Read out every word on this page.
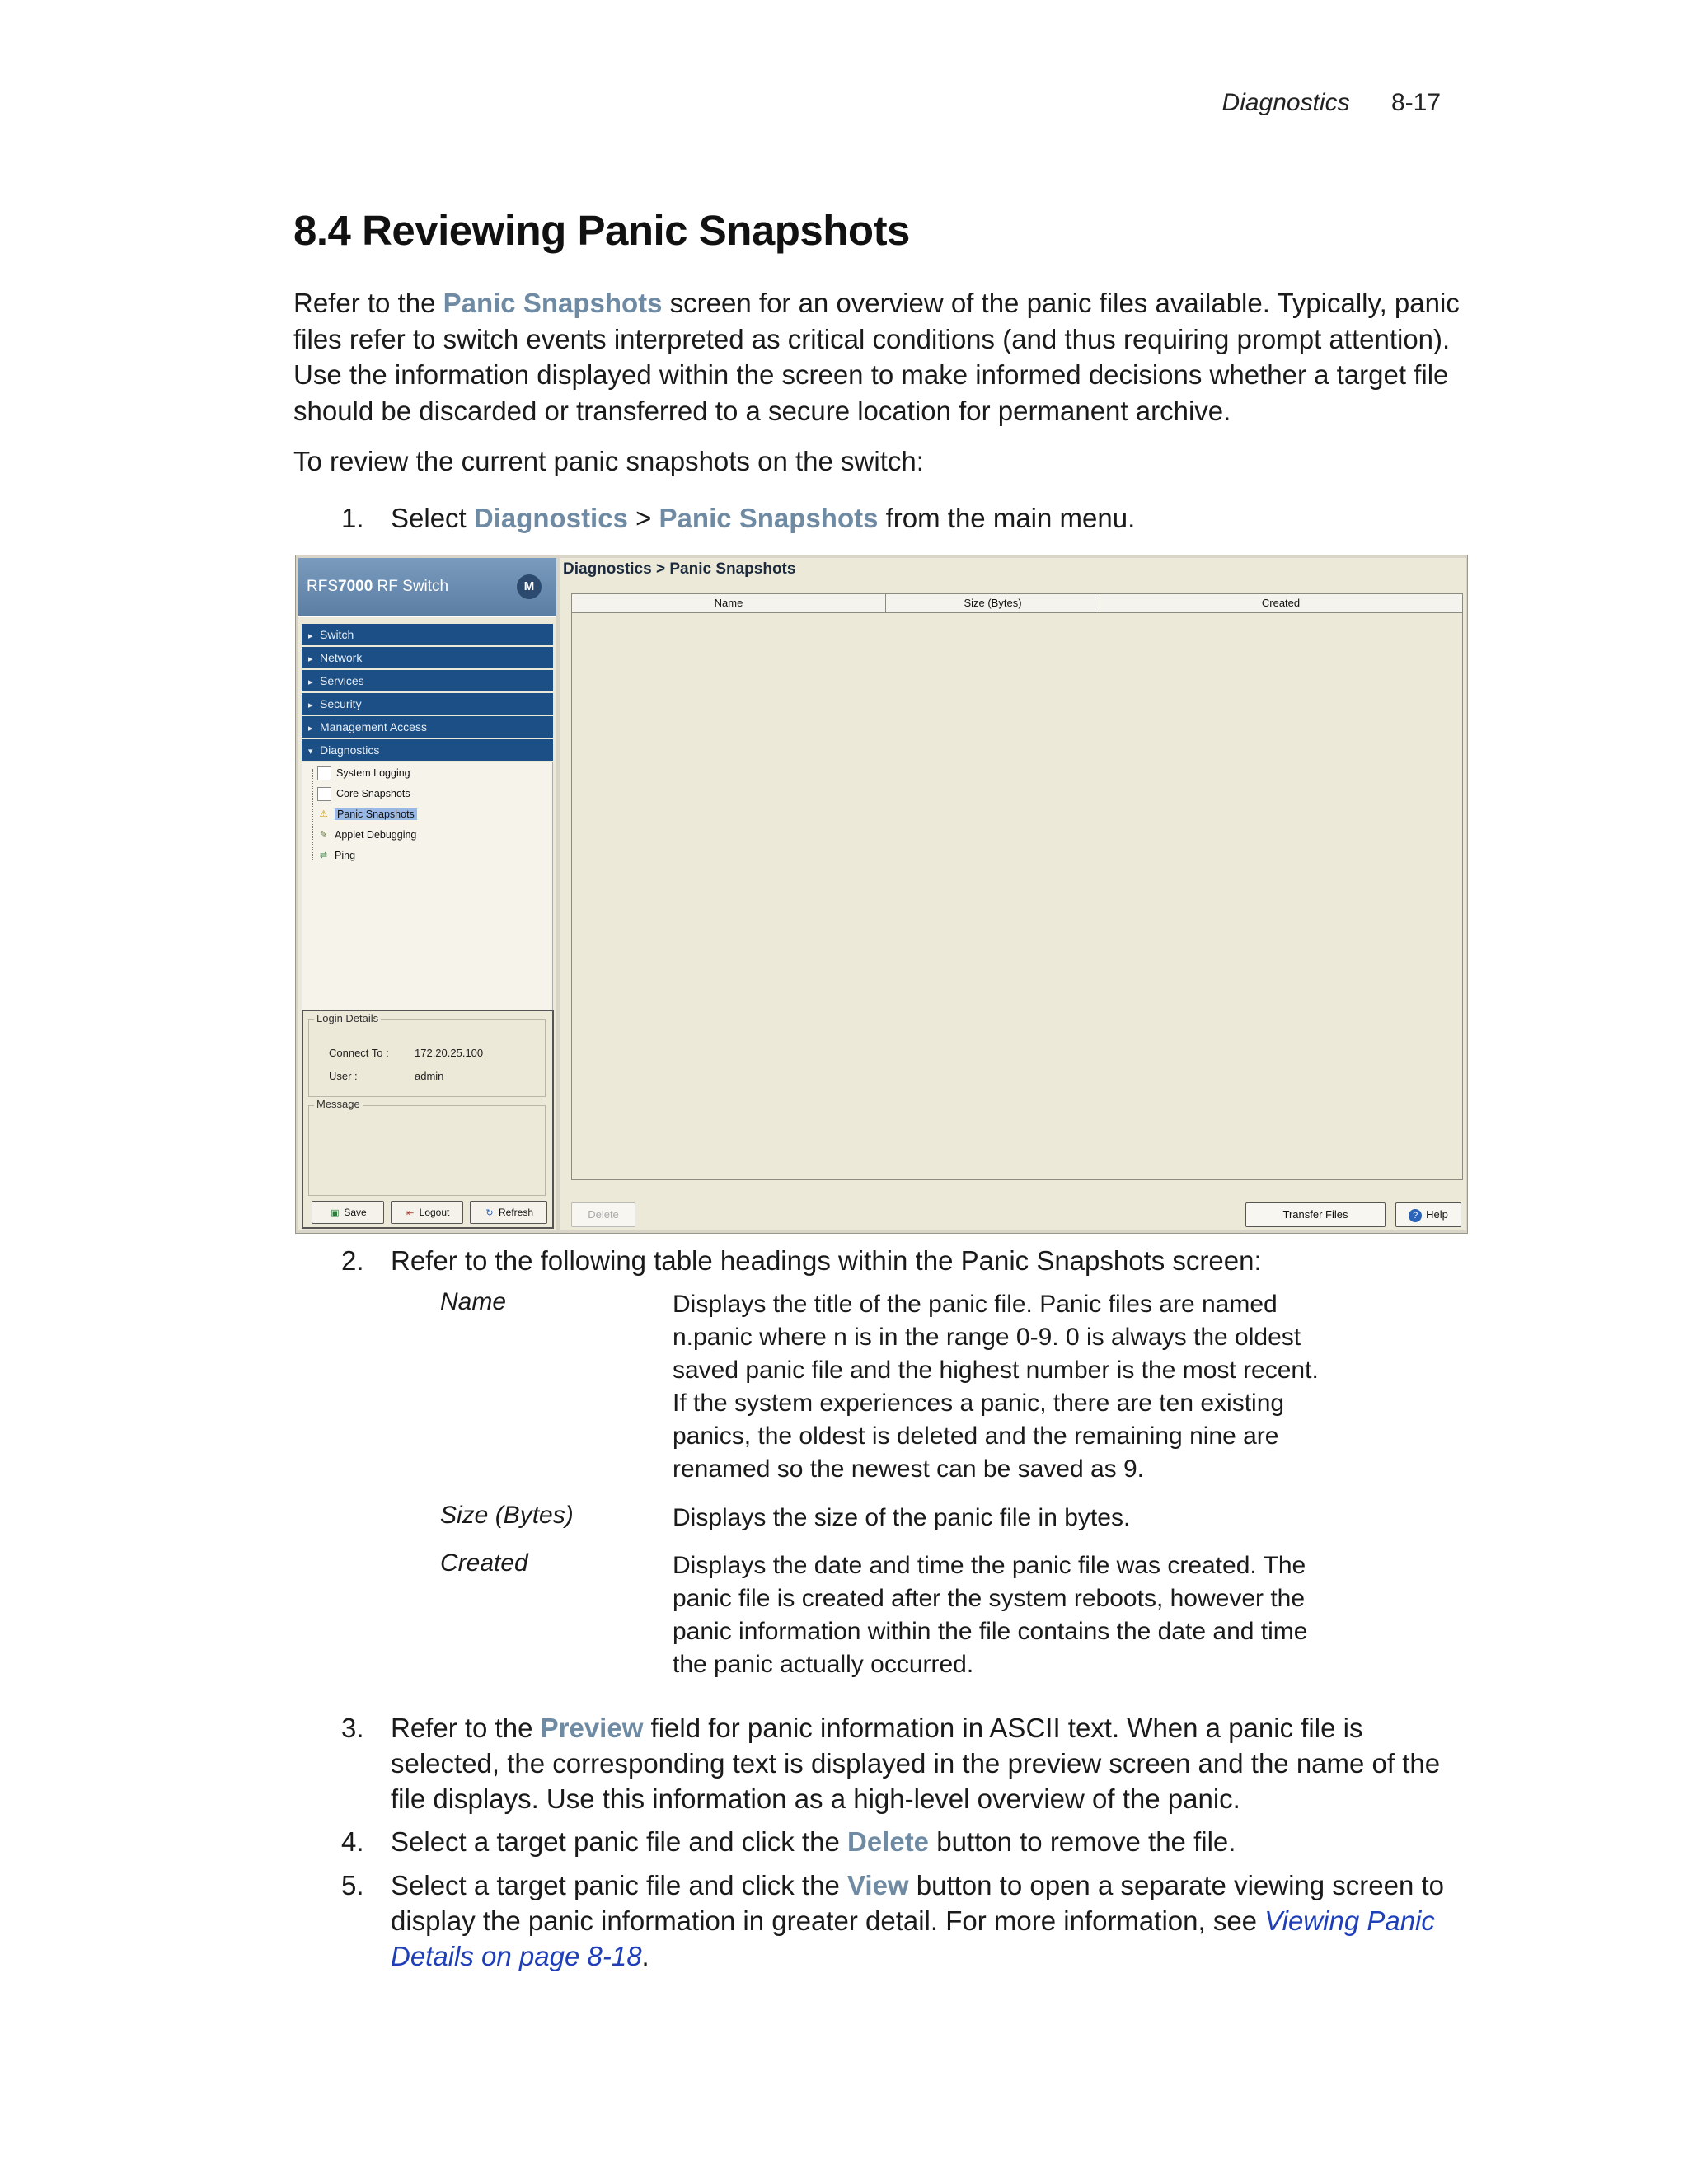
Diagnostics 8-17
8.4 Reviewing Panic Snapshots

Refer to the Panic Snapshots screen for an overview of the panic files available. Typically, panic files refer to switch events interpreted as critical conditions (and thus requiring prompt attention). Use the information displayed within the screen to make informed decisions whether a target file should be discarded or transferred to a secure location for permanent archive.

To review the current panic snapshots on the switch:

1. Select Diagnostics > Panic Snapshots from the main menu.
RFS7000 RF Switch	M
▸ Switch
▸ Network
▸ Services
▸ Security
▸ Management Access
▾ Diagnostics
System Logging
Core Snapshots
⚠ Panic Snapshots
✎ Applet Debugging
⇄ Ping
Login Details
Connect To : 172.20.25.100
User :	admin
Message
▣ Save	⇤ Logout	↻ Refresh
Diagnostics > Panic Snapshots
Name	Size (Bytes)	Created
Delete	Transfer Files	? Help
2. Refer to the following table headings within the Panic Snapshots screen:
Name	Displays the title of the panic file. Panic files are named n.panic where n is in the range 0-9. 0 is always the oldest saved panic file and the highest number is the most recent. If the system experiences a panic, there are ten existing panics, the oldest is deleted and the remaining nine are renamed so the newest can be saved as 9.

Size (Bytes)	Displays the size of the panic file in bytes.

Created	Displays the date and time the panic file was created. The panic file is created after the system reboots, however the panic information within the file contains the date and time the panic actually occurred.

3. Refer to the Preview field for panic information in ASCII text. When a panic file is selected, the corresponding text is displayed in the preview screen and the name of the file displays. Use this information as a high-level overview of the panic.
4. Select a target panic file and click the Delete button to remove the file.
5. Select a target panic file and click the View button to open a separate viewing screen to display the panic information in greater detail. For more information, see Viewing Panic Details on page 8-18.
